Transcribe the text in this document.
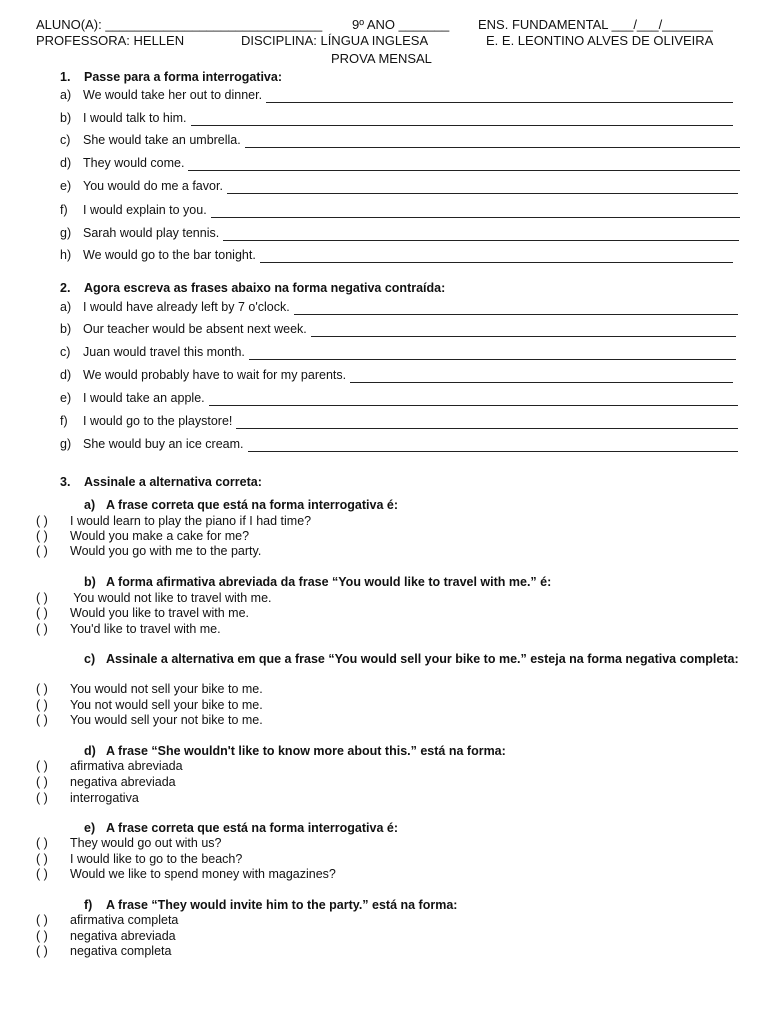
ALUNO(A): ______________________________ 9º ANO _______ ENS. FUNDAMENTAL ___/___/_______
PROFESSORA: HELLEN	DISCIPLINA: LÍNGUA INGLESA	E. E. LEONTINO ALVES DE OLIVEIRA
PROVA MENSAL
1. Passe para a forma interrogativa:
a) We would take her out to dinner.
b) I would talk to him.
c)	She would take an umbrella.
d) They would come.
e) You would do me a favor.
f)	I would explain to you.
g) Sarah would play tennis.
h) We would go to the bar tonight.
2. Agora escreva as frases abaixo na forma negativa contraída:
a) I would have already left by 7 o'clock.
b) Our teacher would be absent next week.
c)	Juan would travel this month.
d) We would probably have to wait for my parents.
e) I would take an apple.
f)	I would go to the playstore!
g) She would buy an ice cream.
3. Assinale a alternativa correta:
a) A frase correta que está na forma interrogativa é:
( ) I would learn to play the piano if I had time?
( ) Would you make a cake for me?
( ) Would you go with me to the party.
b) A forma afirmativa abreviada da frase “You would like to travel with me.” é:
( ) You would not like to travel with me.
( ) Would you like to travel with me.
( ) You'd like to travel with me.
c) Assinale a alternativa em que a frase “You would sell your bike to me.” esteja na forma negativa completa:
( ) You would not sell your bike to me.
( ) You not would sell your bike to me.
( ) You would sell your not bike to me.
d) A frase “She wouldn't like to know more about this.” está na forma:
( ) afirmativa abreviada
( ) negativa abreviada
( ) interrogativa
e) A frase correta que está na forma interrogativa é:
( ) They would go out with us?
( ) I would like to go to the beach?
( ) Would we like to spend money with magazines?
f) A frase “They would invite him to the party.” está na forma:
( ) afirmativa completa
( ) negativa abreviada
( ) negativa completa
